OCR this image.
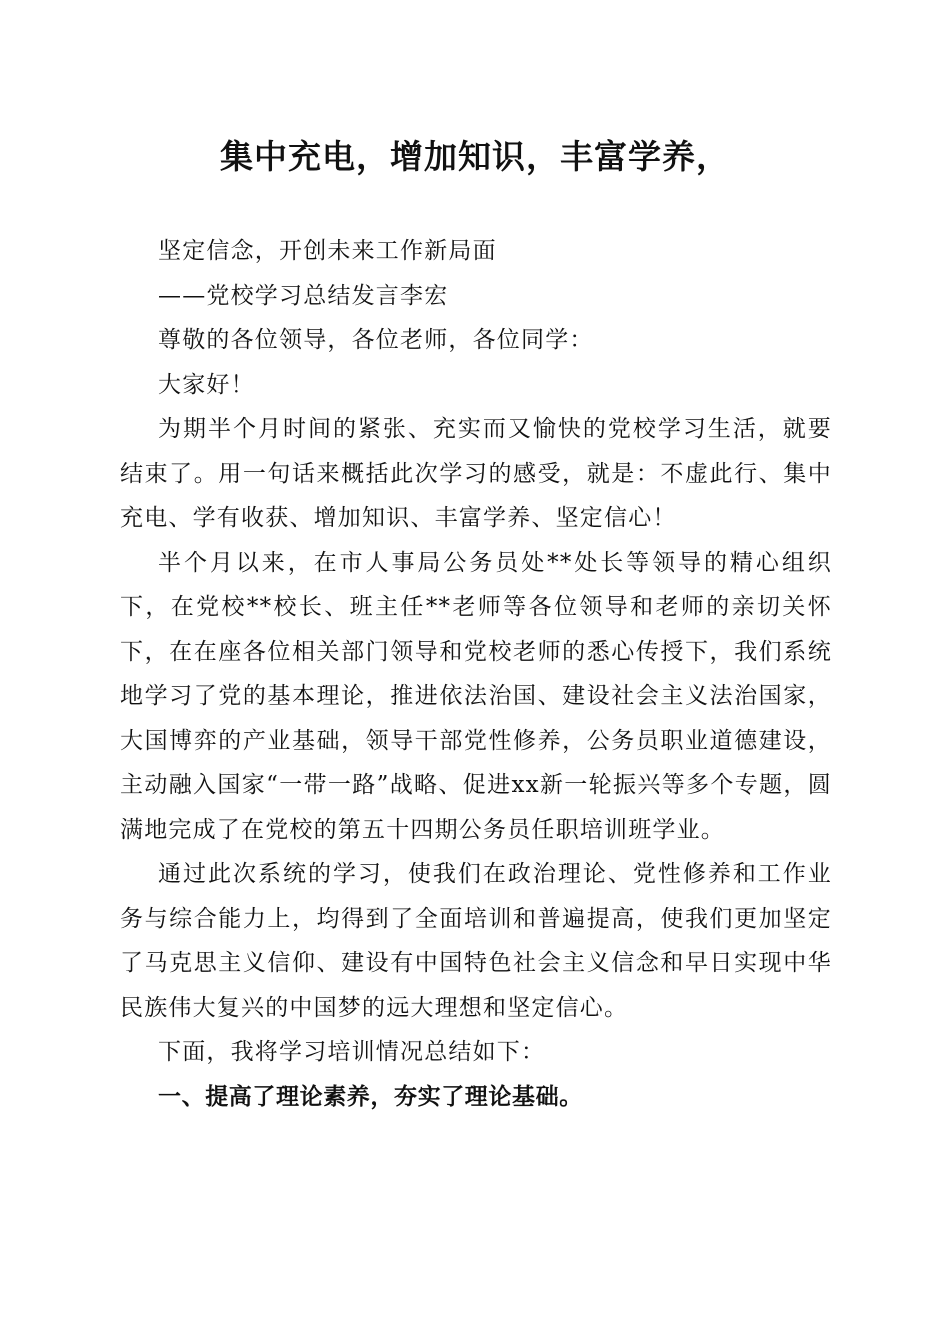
集中充电，增加知识，丰富学养，

坚定信念，开创未来工作新局面

——党校学习总结发言李宏

尊敬的各位领导，各位老师，各位同学：

大家好！

为期半个月时间的紧张、充实而又愉快的党校学习生活，就要结束了。用一句话来概括此次学习的感受，就是：不虚此行、集中充电、学有收获、增加知识、丰富学养、坚定信心！

半个月以来，在市人事局公务员处**处长等领导的精心组织下，在党校**校长、班主任**老师等各位领导和老师的亲切关怀下，在在座各位相关部门领导和党校老师的悉心传授下，我们系统地学习了党的基本理论，推进依法治国、建设社会主义法治国家，大国博弈的产业基础，领导干部党性修养，公务员职业道德建设，主动融入国家“一带一路”战略、促进xx新一轮振兴等多个专题，圆满地完成了在党校的第五十四期公务员任职培训班学业。

通过此次系统的学习，使我们在政治理论、党性修养和工作业务与综合能力上，均得到了全面培训和普遍提高，使我们更加坚定了马克思主义信仰、建设有中国特色社会主义信念和早日实现中华民族伟大复兴的中国梦的远大理想和坚定信心。

下面，我将学习培训情况总结如下：

一、提高了理论素养，夯实了理论基础。
